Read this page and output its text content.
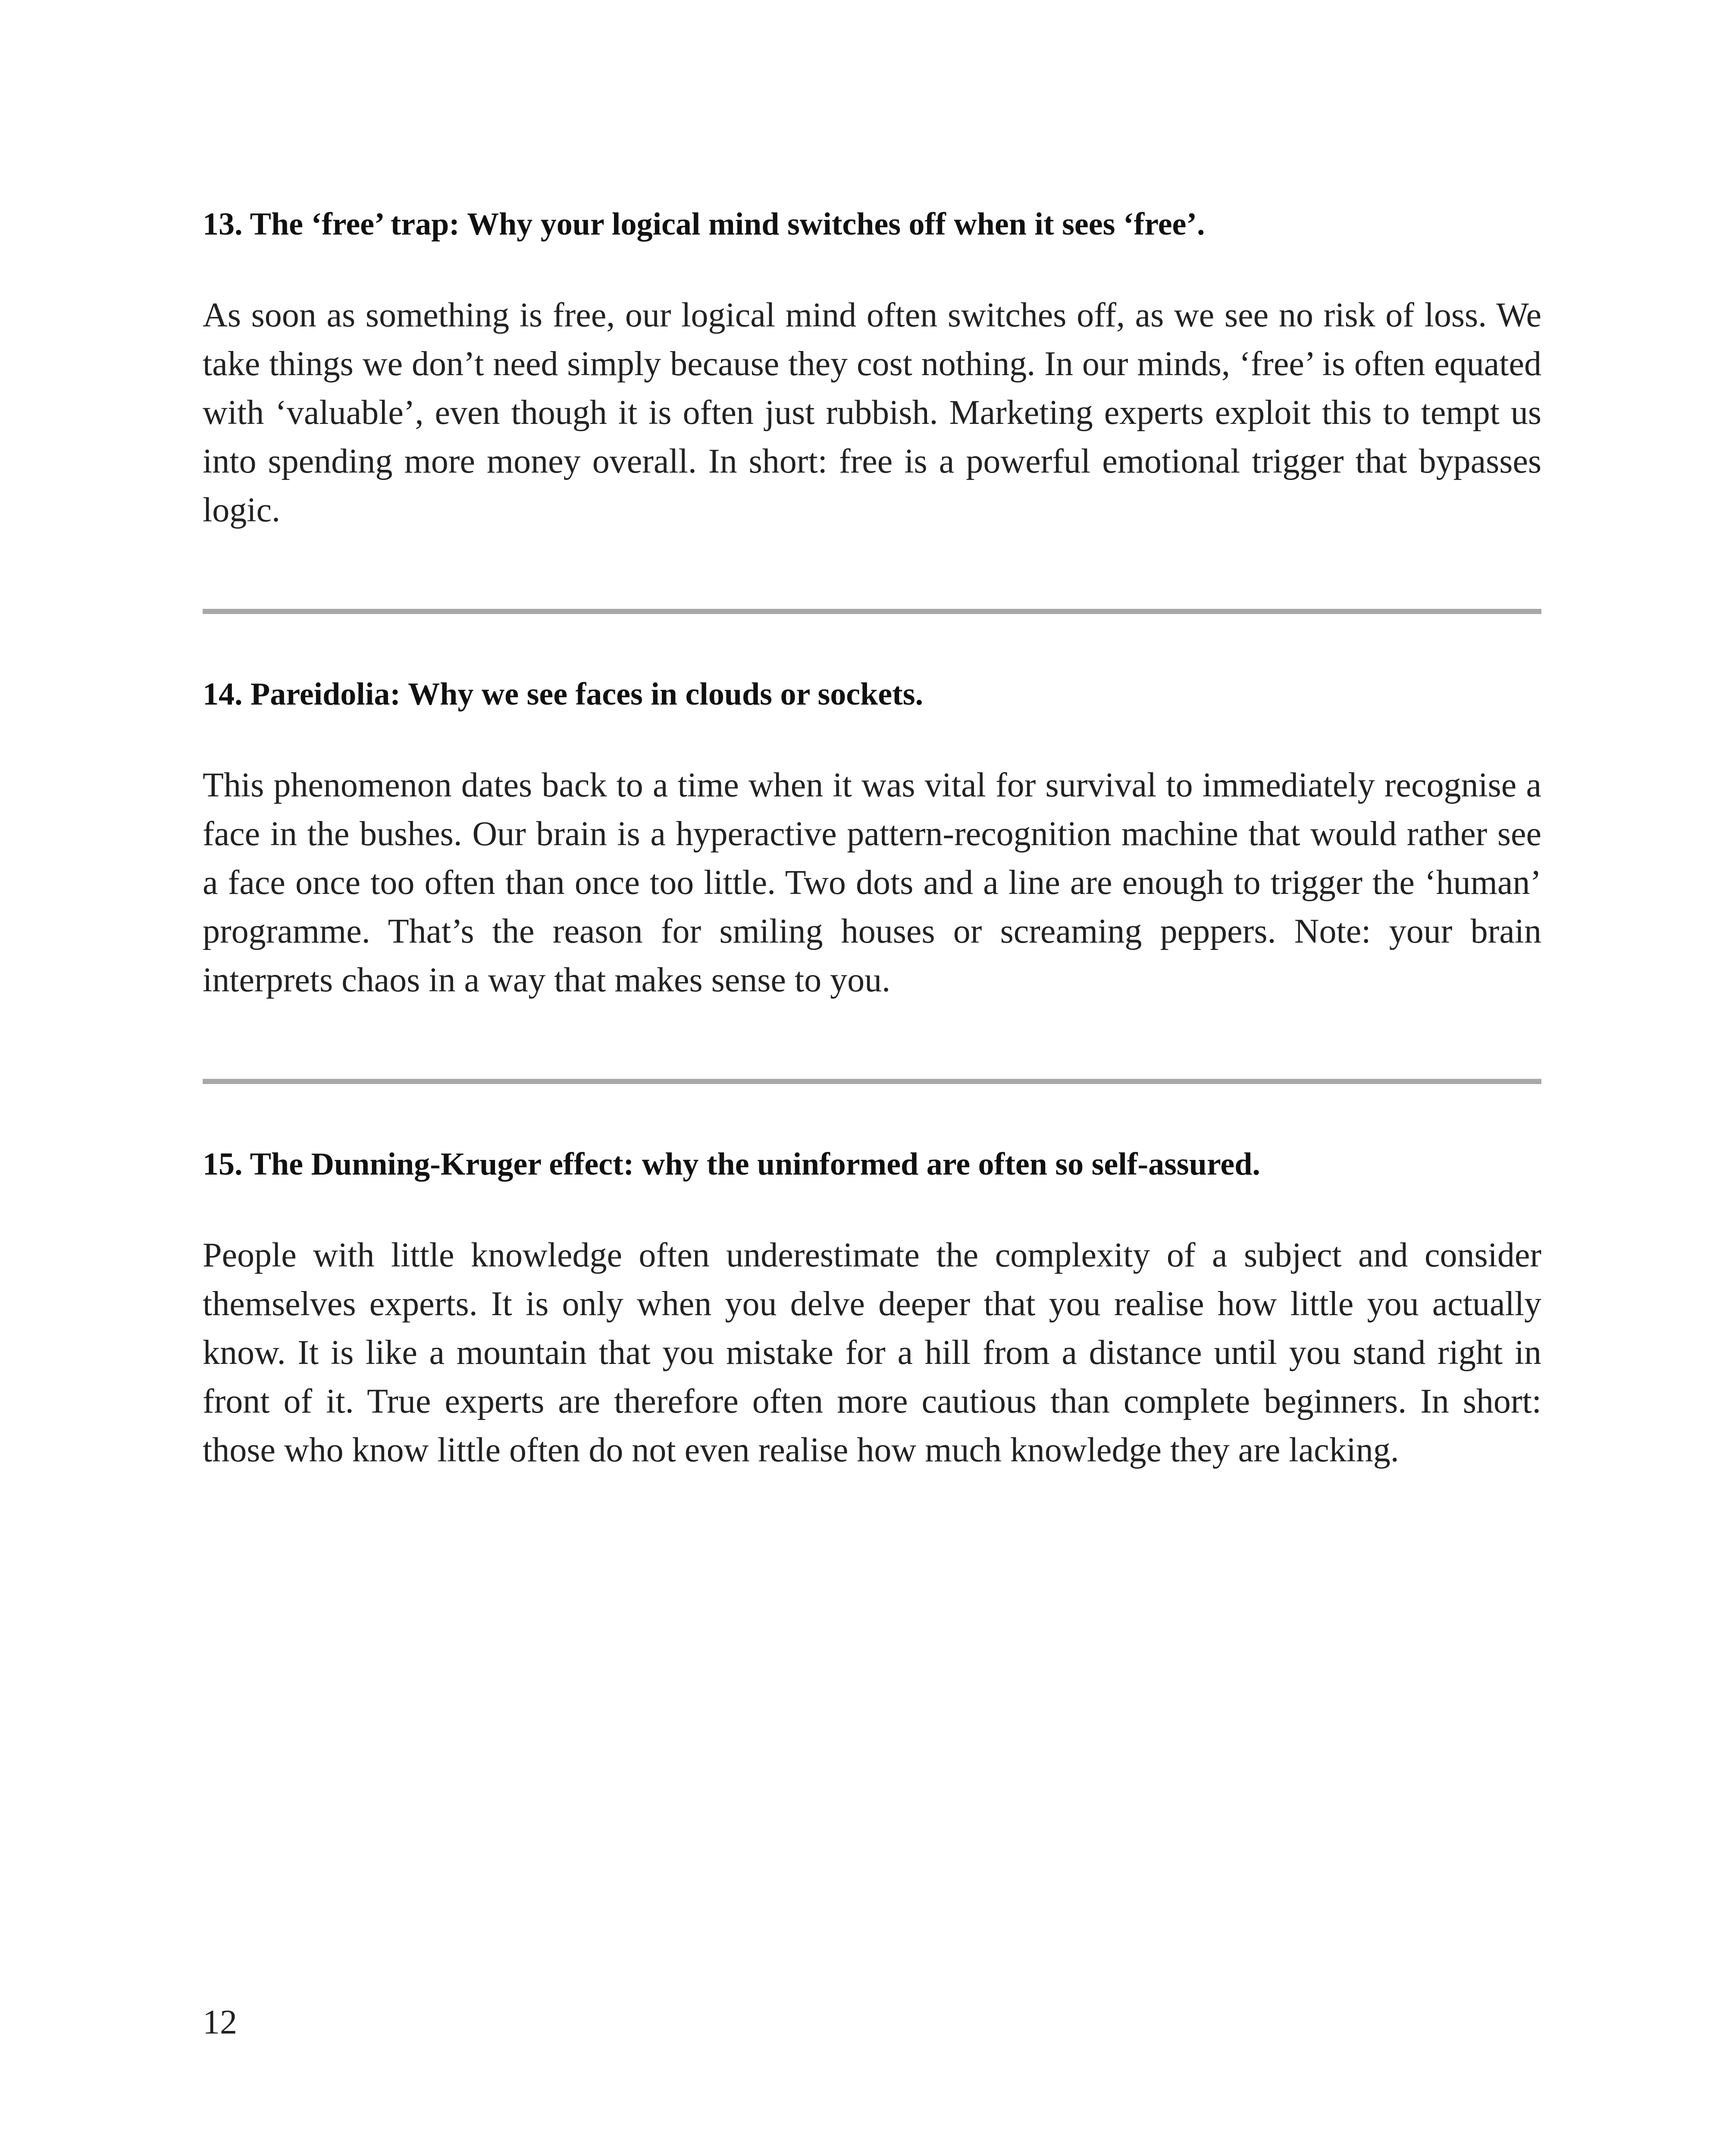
13. The ‘free’ trap: Why your logical mind switches off when it sees ‘free’.

As soon as something is free, our logical mind often switches off, as we see no risk of loss. We take things we don’t need simply because they cost nothing. In our minds, ‘free’ is often equated with ‘valuable’, even though it is often just rubbish. Marketing experts exploit this to tempt us into spending more money overall. In short: free is a powerful emotional trigger that bypasses logic.

14. Pareidolia: Why we see faces in clouds or sockets.

This phenomenon dates back to a time when it was vital for survival to immediately recognise a face in the bushes. Our brain is a hyperactive pattern-recognition machine that would rather see a face once too often than once too little. Two dots and a line are enough to trigger the ‘human’ programme. That’s the reason for smiling houses or screaming peppers. Note: your brain interprets chaos in a way that makes sense to you.

15. The Dunning-Kruger effect: why the uninformed are often so self-assured.

People with little knowledge often underestimate the complexity of a subject and consider themselves experts. It is only when you delve deeper that you realise how little you actually know. It is like a mountain that you mistake for a hill from a distance until you stand right in front of it. True experts are therefore often more cautious than complete beginners. In short: those who know little often do not even realise how much knowledge they are lacking.

12
